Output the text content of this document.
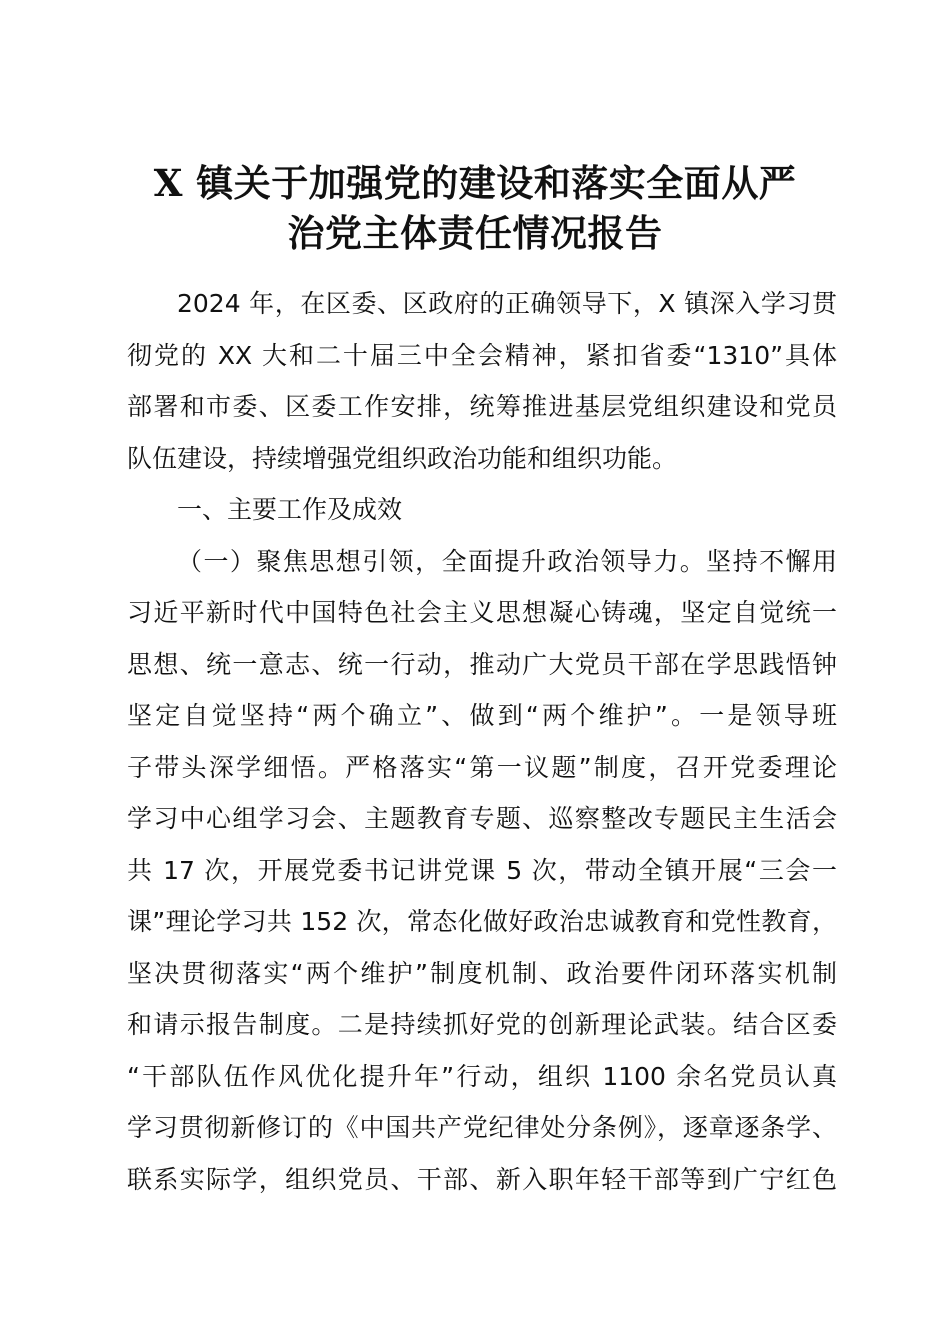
X 镇关于加强党的建设和落实全面从严
治党主体责任情况报告
2024 年，在区委、区政府的正确领导下，X 镇深入学习贯
彻党的 XX 大和二十届三中全会精神，紧扣省委“1310”具体
部署和市委、区委工作安排，统筹推进基层党组织建设和党员
队伍建设，持续增强党组织政治功能和组织功能。
一、主要工作及成效
（一）聚焦思想引领，全面提升政治领导力。坚持不懈用
习近平新时代中国特色社会主义思想凝心铸魂，坚定自觉统一
思想、统一意志、统一行动，推动广大党员干部在学思践悟钟
坚定自觉坚持“两个确立”、做到“两个维护”。一是领导班
子带头深学细悟。严格落实“第一议题”制度，召开党委理论
学习中心组学习会、主题教育专题、巡察整改专题民主生活会
共 17 次，开展党委书记讲党课 5 次，带动全镇开展“三会一
课”理论学习共 152 次，常态化做好政治忠诚教育和党性教育，
坚决贯彻落实“两个维护”制度机制、政治要件闭环落实机制
和请示报告制度。二是持续抓好党的创新理论武装。结合区委
“干部队伍作风优化提升年”行动，组织 1100 余名党员认真
学习贯彻新修订的《中国共产党纪律处分条例》，逐章逐条学、
联系实际学，组织党员、干部、新入职年轻干部等到广宁红色
